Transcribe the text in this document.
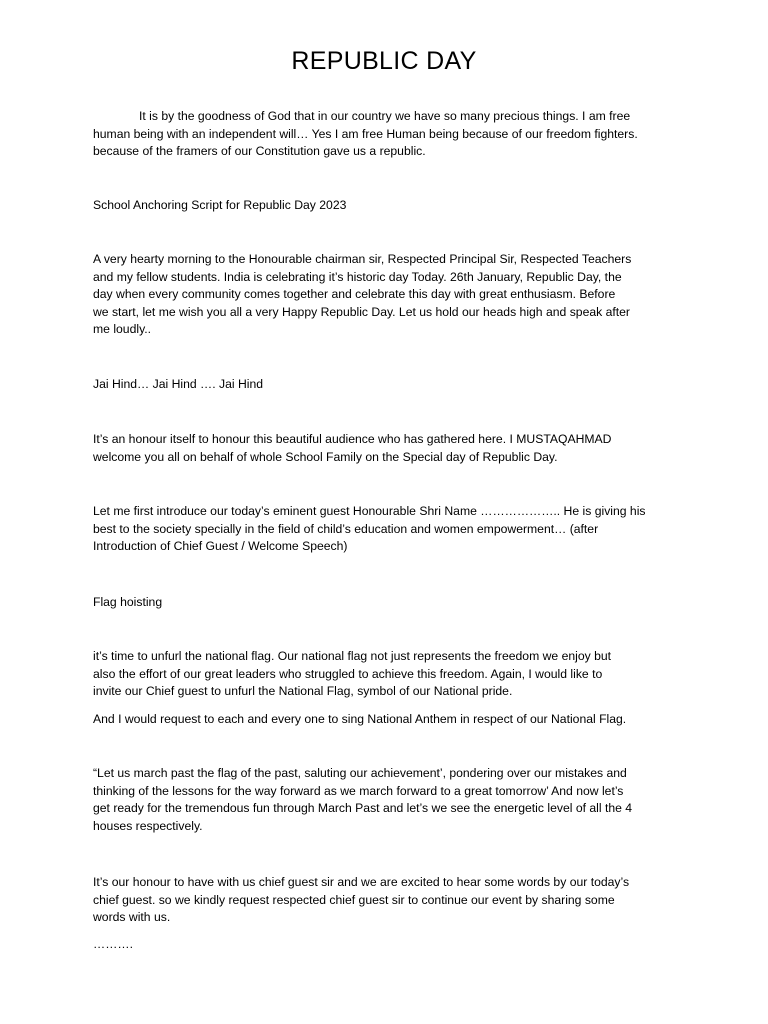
REPUBLIC DAY
It is by the goodness of God that in our country we have so many precious things. I am free
human being with an independent will… Yes I am free Human being because of our freedom fighters.
because of the framers of our Constitution gave us a republic.
School Anchoring Script for Republic Day 2023
A very hearty morning to the Honourable chairman sir, Respected Principal Sir, Respected Teachers
and my fellow students. India is celebrating it’s historic day Today. 26th January, Republic Day, the
day when every community comes together and celebrate this day with great enthusiasm. Before
we start, let me wish you all a very Happy Republic Day. Let us hold our heads high and speak after
me loudly..
Jai Hind… Jai Hind …. Jai Hind
It’s an honour itself to honour this beautiful audience who has gathered here. I MUSTAQAHMAD
welcome you all on behalf of whole School Family on the Special day of Republic Day.
Let me first introduce our today’s eminent guest Honourable Shri Name ……………….. He is giving his
best to the society specially in the field of child’s education and women empowerment… (after
Introduction of Chief Guest / Welcome Speech)
Flag hoisting
it’s time to unfurl the national flag. Our national flag not just represents the freedom we enjoy but
also the effort of our great leaders who struggled to achieve this freedom. Again, I would like to
invite our Chief guest to unfurl the National Flag, symbol of our National pride.
And I would request to each and every one to sing National Anthem in respect of our National Flag.
“Let us march past the flag of the past, saluting our achievement’, pondering over our mistakes and
thinking of the lessons for the way forward as we march forward to a great tomorrow’ And now let’s
get ready for the tremendous fun through March Past and let’s we see the energetic level of all the 4
houses respectively.
It’s our honour to have with us chief guest sir and we are excited to hear some words by our today’s
chief guest. so we kindly request respected chief guest sir to continue our event by sharing some
words with us.
……….
